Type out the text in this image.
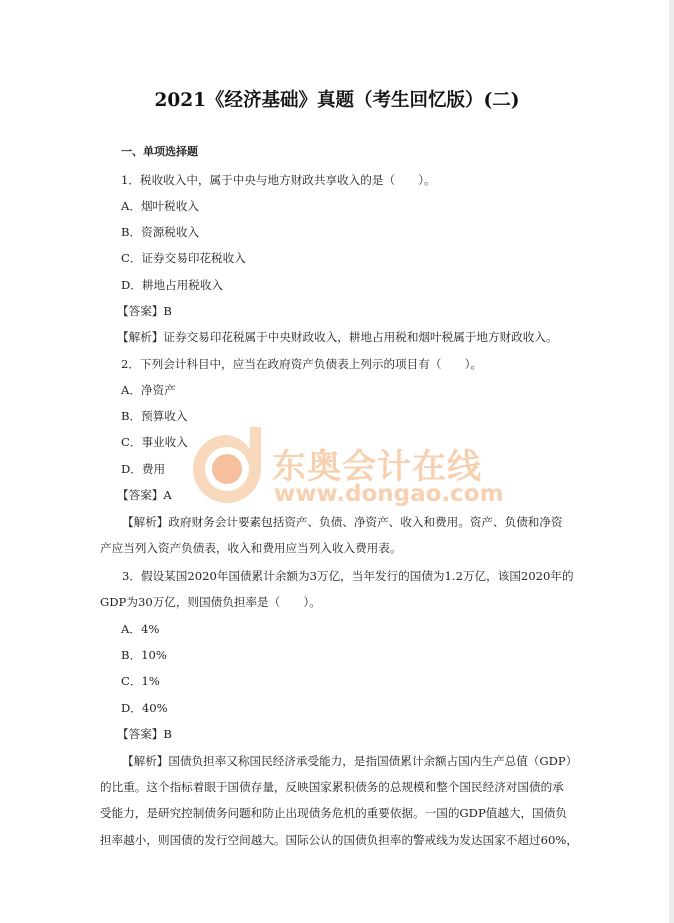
2021《经济基础》真题（考生回忆版）(二)
一、单项选择题
1．税收收入中，属于中央与地方财政共享收入的是（　　）。
A．烟叶税收入
B．资源税收入
C．证券交易印花税收入
D．耕地占用税收入
【答案】B
【解析】证券交易印花税属于中央财政收入，耕地占用税和烟叶税属于地方财政收入。
2．下列会计科目中，应当在政府资产负债表上列示的项目有（　　）。
A．净资产
B．预算收入
C．事业收入
D．费用
【答案】A
【解析】政府财务会计要素包括资产、负债、净资产、收入和费用。资产、负债和净资
产应当列入资产负债表，收入和费用应当列入收入费用表。
3．假设某国2020年国债累计余额为3万亿，当年发行的国债为1.2万亿，该国2020年的
GDP为30万亿，则国债负担率是（　　）。
A．4%
B．10%
C．1%
D．40%
【答案】B
【解析】国债负担率又称国民经济承受能力，是指国债累计余额占国内生产总值（GDP）
的比重。这个指标着眼于国债存量，反映国家累积债务的总规模和整个国民经济对国债的承
受能力，是研究控制债务问题和防止出现债务危机的重要依据。一国的GDP值越大，国债负
担率越小，则国债的发行空间越大。国际公认的国债负担率的警戒线为发达国家不超过60%，
东奥会计在线
www.dongao.com
